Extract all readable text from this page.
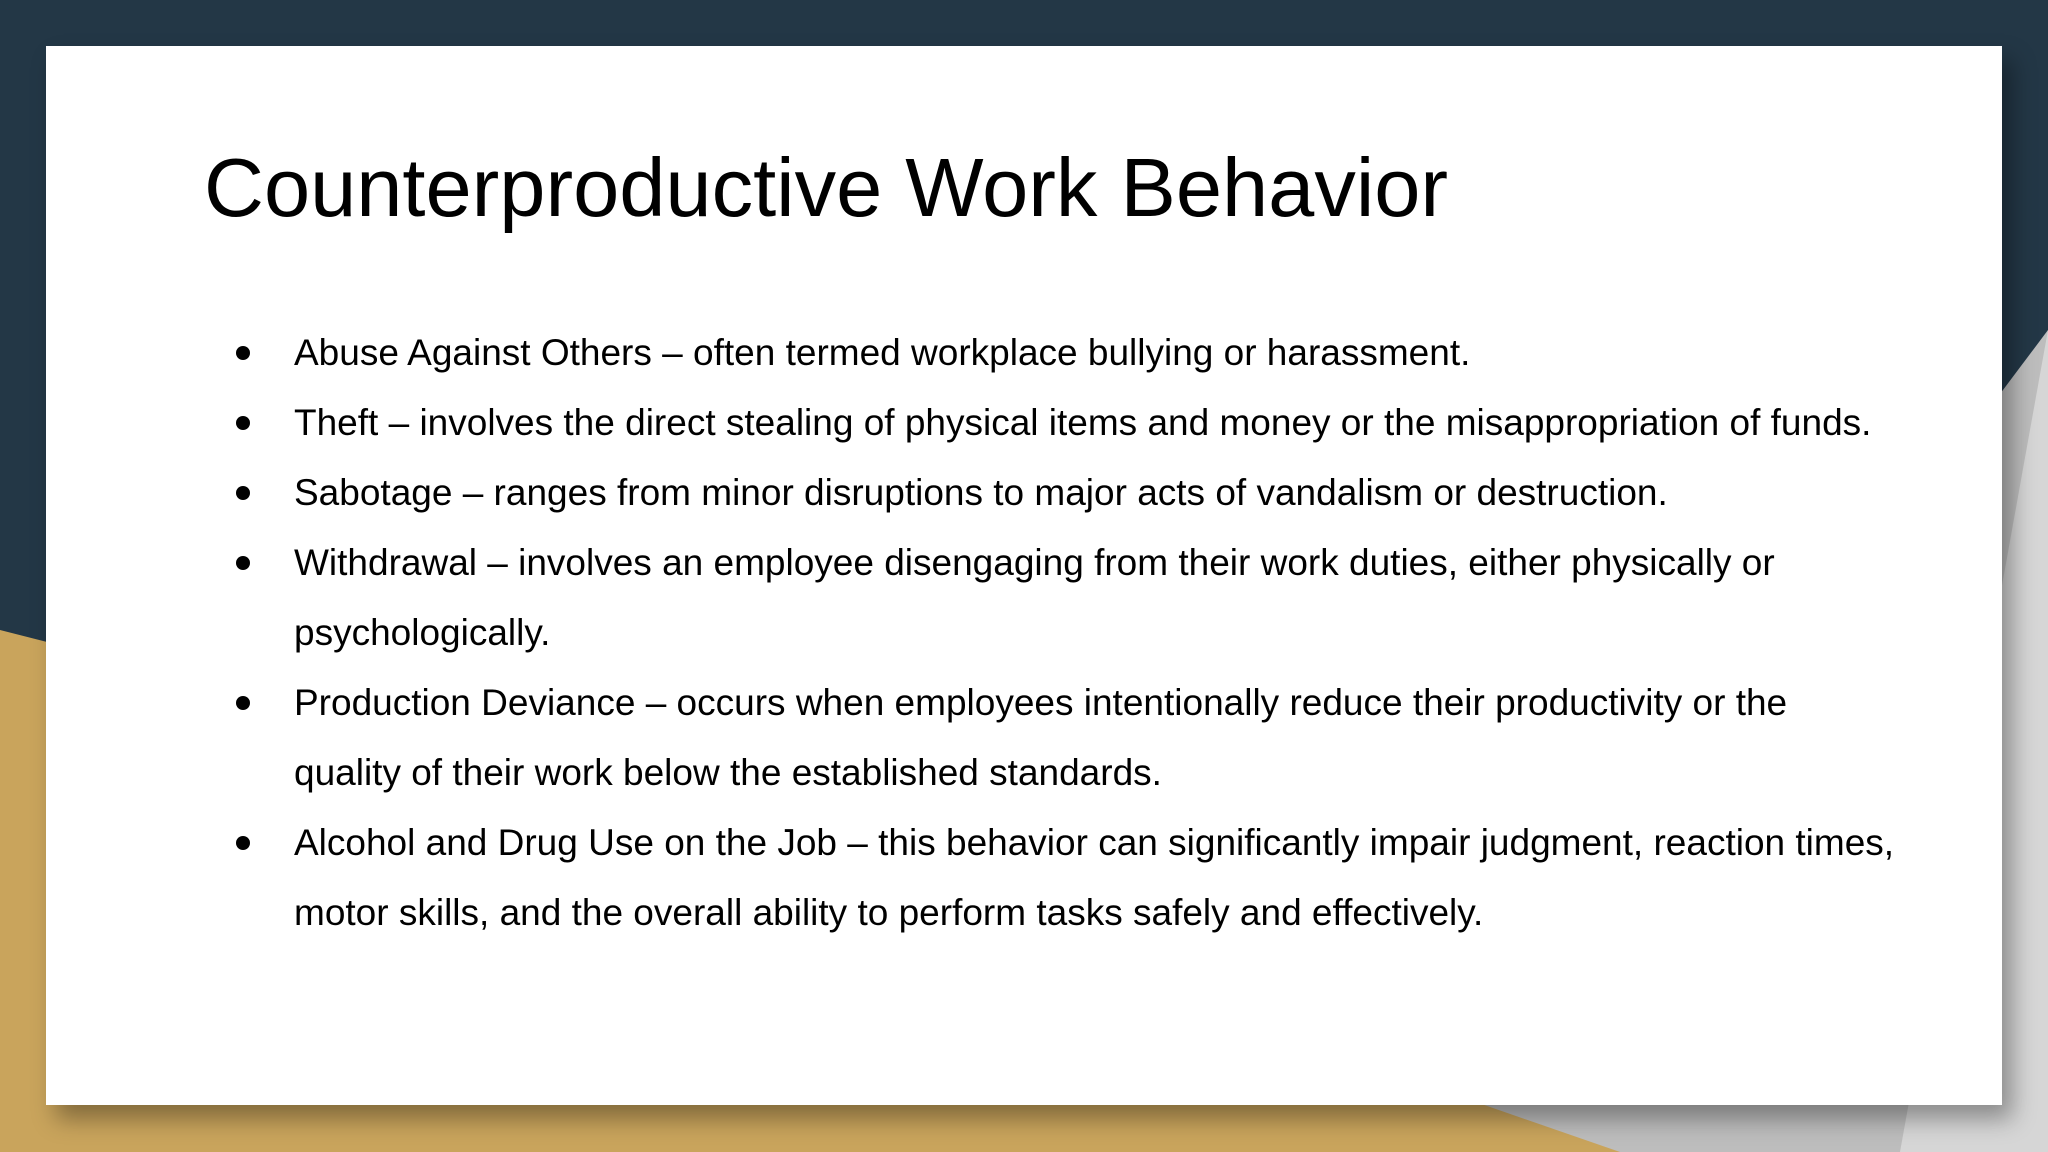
Counterproductive Work Behavior
Abuse Against Others – often termed workplace bullying or harassment.
Theft – involves the direct stealing of physical items and money or the misappropriation of funds.
Sabotage – ranges from minor disruptions to major acts of vandalism or destruction.
Withdrawal – involves an employee disengaging from their work duties, either physically or psychologically.
Production Deviance – occurs when employees intentionally reduce their productivity or the quality of their work below the established standards.
Alcohol and Drug Use on the Job – this behavior can significantly impair judgment, reaction times, motor skills, and the overall ability to perform tasks safely and effectively.
